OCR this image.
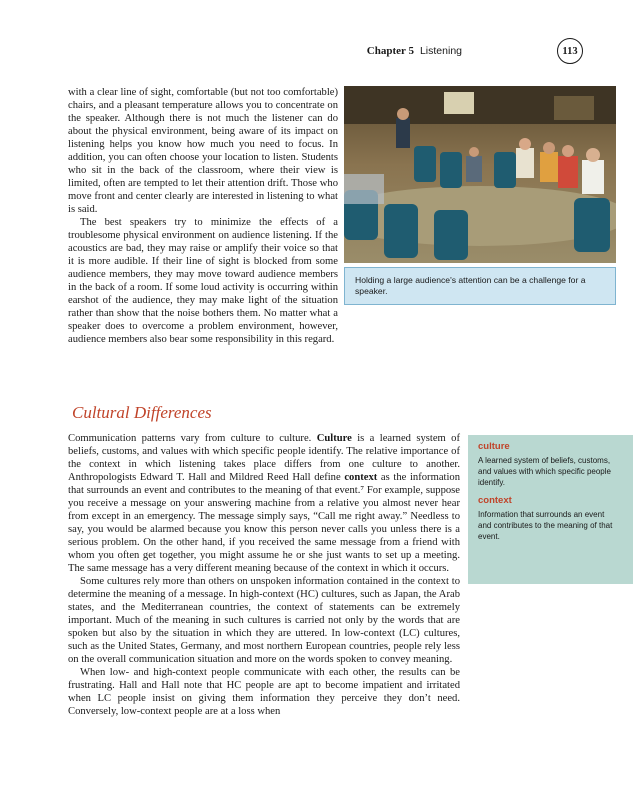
Chapter 5 Listening	113
Holding a large audience's attention can be a challenge for a speaker.

with a clear line of sight, comfortable (but not too comfortable) chairs, and a pleasant temperature allows you to concentrate on the speaker. Although there is not much the listener can do about the physical environment, being aware of its impact on listening helps you know how much you need to focus. In addition, you can often choose your location to listen. Students who sit in the back of the classroom, where their view is limited, often are tempted to let their attention drift. Those who move front and center clearly are interested in listening to what is said.

The best speakers try to minimize the effects of a troublesome physical environment on audience listening. If the acoustics are bad, they may raise or amplify their voice so that it is more audible. If their line of sight is blocked from some audience members, they may move toward audience members in the back of a room. If some loud activity is occurring within earshot of the audience, they may make light of the situation rather than show that the noise bothers them. No matter what a speaker does to overcome a problem environment, however, audience members also bear some responsibility in this regard.

Cultural Differences

Communication patterns vary from culture to culture. Culture is a learned system of beliefs, customs, and values with which specific people identify. The relative importance of the context in which listening takes place differs from one culture to another. Anthropologists Edward T. Hall and Mildred Reed Hall define context as the information that surrounds an event and contributes to the meaning of that event.⁷ For example, suppose you receive a message on your answering machine from a relative you almost never hear from except in an emergency. The message simply says, “Call me right away.” Needless to say, you would be alarmed because you know this person never calls you unless there is a serious problem. On the other hand, if you received the same message from a friend with whom you often get together, you might assume he or she just wants to set up a meeting. The same message has a very different meaning because of the context in which it occurs.

Some cultures rely more than others on unspoken information contained in the context to determine the meaning of a message. In high-context (HC) cultures, such as Japan, the Arab states, and the Mediterranean countries, the context of statements can be extremely important. Much of the meaning in such cultures is carried not only by the words that are spoken but also by the situation in which they are uttered. In low-context (LC) cultures, such as the United States, Germany, and most northern European countries, people rely less on the overall communication situation and more on the words spoken to convey meaning.

When low- and high-context people communicate with each other, the results can be frustrating. Hall and Hall note that HC people are apt to become impatient and irritated when LC people insist on giving them information they perceive they don’t need. Conversely, low-context people are at a loss when

culture
A learned system of beliefs, customs, and values with which specific people identify.
context
Information that surrounds an event and contributes to the meaning of that event.
